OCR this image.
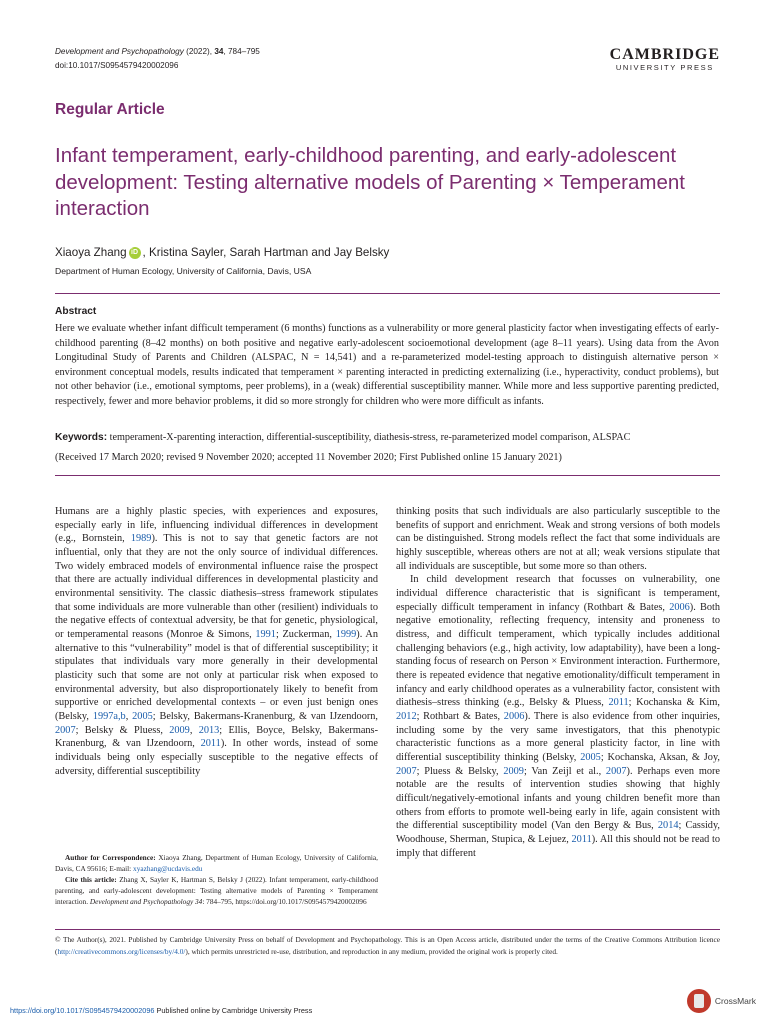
Development and Psychopathology (2022), 34, 784–795
doi:10.1017/S0954579420002096
CAMBRIDGE
UNIVERSITY PRESS
Regular Article
Infant temperament, early-childhood parenting, and early-adolescent development: Testing alternative models of Parenting × Temperament interaction
Xiaoya Zhang iD , Kristina Sayler, Sarah Hartman and Jay Belsky
Department of Human Ecology, University of California, Davis, USA
Abstract
Here we evaluate whether infant difficult temperament (6 months) functions as a vulnerability or more general plasticity factor when investigating effects of early-childhood parenting (8–42 months) on both positive and negative early-adolescent socioemotional development (age 8–11 years). Using data from the Avon Longitudinal Study of Parents and Children (ALSPAC, N = 14,541) and a re-parameterized model-testing approach to distinguish alternative person × environment conceptual models, results indicated that temperament × parenting interacted in predicting externalizing (i.e., hyperactivity, conduct problems), but not other behavior (i.e., emotional symptoms, peer problems), in a (weak) differential susceptibility manner. While more and less supportive parenting predicted, respectively, fewer and more behavior problems, it did so more strongly for children who were more difficult as infants.
Keywords: temperament-X-parenting interaction, differential-susceptibility, diathesis-stress, re-parameterized model comparison, ALSPAC
(Received 17 March 2020; revised 9 November 2020; accepted 11 November 2020; First Published online 15 January 2021)

Humans are a highly plastic species, with experiences and exposures, especially early in life, influencing individual differences in development (e.g., Bornstein, 1989). This is not to say that genetic factors are not influential, only that they are not the only source of individual differences. Two widely embraced models of environmental influence raise the prospect that there are actually individual differences in developmental plasticity and environmental sensitivity. The classic diathesis–stress framework stipulates that some individuals are more vulnerable than other (resilient) individuals to the negative effects of contextual adversity, be that for genetic, physiological, or temperamental reasons (Monroe & Simons, 1991; Zuckerman, 1999). An alternative to this “vulnerability” model is that of differential susceptibility; it stipulates that individuals vary more generally in their developmental plasticity such that some are not only at particular risk when exposed to environmental adversity, but also disproportionately likely to benefit from supportive or enriched developmental contexts – or even just benign ones (Belsky, 1997a,b, 2005; Belsky, Bakermans-Kranenburg, & van IJzendoorn, 2007; Belsky & Pluess, 2009, 2013; Ellis, Boyce, Belsky, Bakermans-Kranenburg, & van IJzendoorn, 2011). In other words, instead of some individuals being only especially susceptible to the negative effects of adversity, differential susceptibility

thinking posits that such individuals are also particularly susceptible to the benefits of support and enrichment. Weak and strong versions of both models can be distinguished. Strong models reflect the fact that some individuals are highly susceptible, whereas others are not at all; weak versions stipulate that all individuals are susceptible, but some more so than others.

In child development research that focusses on vulnerability, one individual difference characteristic that is significant is temperament, especially difficult temperament in infancy (Rothbart & Bates, 2006). Both negative emotionality, reflecting frequency, intensity and proneness to distress, and difficult temperament, which typically includes additional challenging behaviors (e.g., high activity, low adaptability), have been a long-standing focus of research on Person × Environment interaction. Furthermore, there is repeated evidence that negative emotionality/difficult temperament in infancy and early childhood operates as a vulnerability factor, consistent with diathesis–stress thinking (e.g., Belsky & Pluess, 2011; Kochanska & Kim, 2012; Rothbart & Bates, 2006). There is also evidence from other inquiries, including some by the very same investigators, that this phenotypic characteristic functions as a more general plasticity factor, in line with differential susceptibility thinking (Belsky, 2005; Kochanska, Aksan, & Joy, 2007; Pluess & Belsky, 2009; Van Zeijl et al., 2007). Perhaps even more notable are the results of intervention studies showing that highly difficult/negatively-emotional infants and young children benefit more than others from efforts to promote well-being early in life, again consistent with the differential susceptibility model (Van den Bergy & Bus, 2014; Cassidy, Woodhouse, Sherman, Stupica, & Lejuez, 2011). All this should not be read to imply that different

Author for Correspondence: Xiaoya Zhang, Department of Human Ecology, University of California, Davis, CA 95616; E-mail: xyazhang@ucdavis.edu

Cite this article: Zhang X, Sayler K, Hartman S, Belsky J (2022). Infant temperament, early-childhood parenting, and early-adolescent development: Testing alternative models of Parenting × Temperament interaction. Development and Psychopathology 34: 784–795, https://doi.org/10.1017/S0954579420002096

© The Author(s), 2021. Published by Cambridge University Press on behalf of Development and Psychopathology. This is an Open Access article, distributed under the terms of the Creative Commons Attribution licence (http://creativecommons.org/licenses/by/4.0/), which permits unrestricted re-use, distribution, and reproduction in any medium, provided the original work is properly cited.
https://doi.org/10.1017/S0954579420002096 Published online by Cambridge University Press
CrossMark
